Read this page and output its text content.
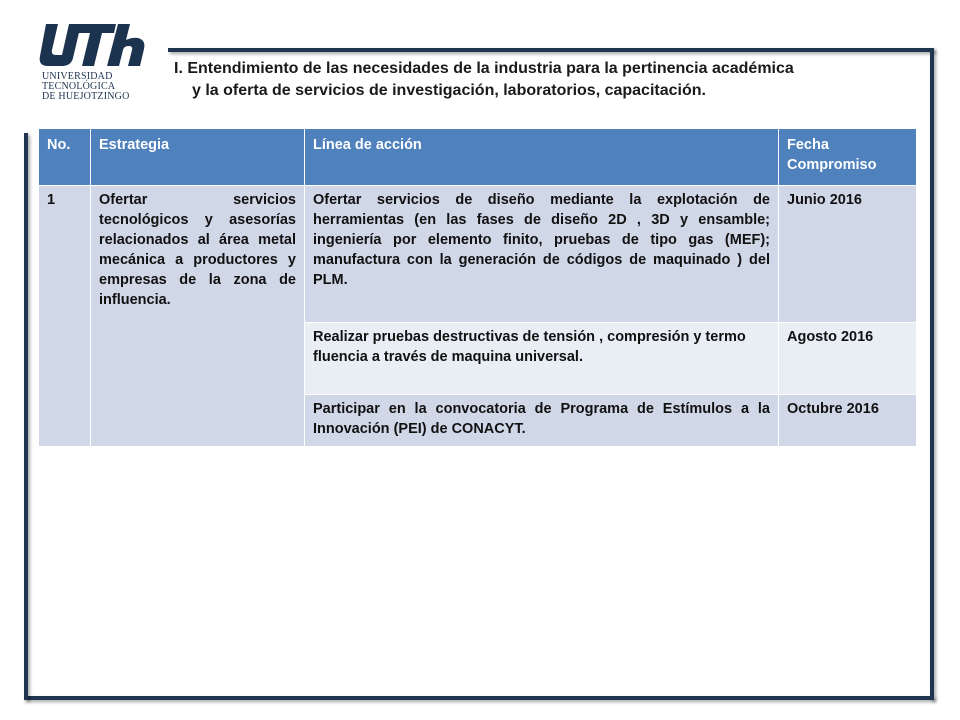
UNIVERSIDAD
TECNOLÓGICA
DE HUEJOTZINGO
I. Entendimiento de las necesidades de la industria para la pertinencia académica
y la oferta de servicios de investigación, laboratorios, capacitación.
No.	Estrategia	Línea de acción	Fecha Compromiso
1	Ofertar servicios tecnológicos y asesorías relacionados al área metal mecánica a productores y empresas de la zona de influencia.	Ofertar servicios de diseño mediante la explotación de herramientas (en las fases de diseño 2D , 3D y ensamble; ingeniería por elemento finito, pruebas de tipo gas (MEF); manufactura con la generación de códigos de maquinado ) del PLM.	Junio 2016
		Realizar pruebas destructivas de tensión , compresión y termo fluencia a través de maquina universal.	Agosto 2016
		Participar en la convocatoria de Programa de Estímulos a la Innovación (PEI) de CONACYT.	Octubre 2016
